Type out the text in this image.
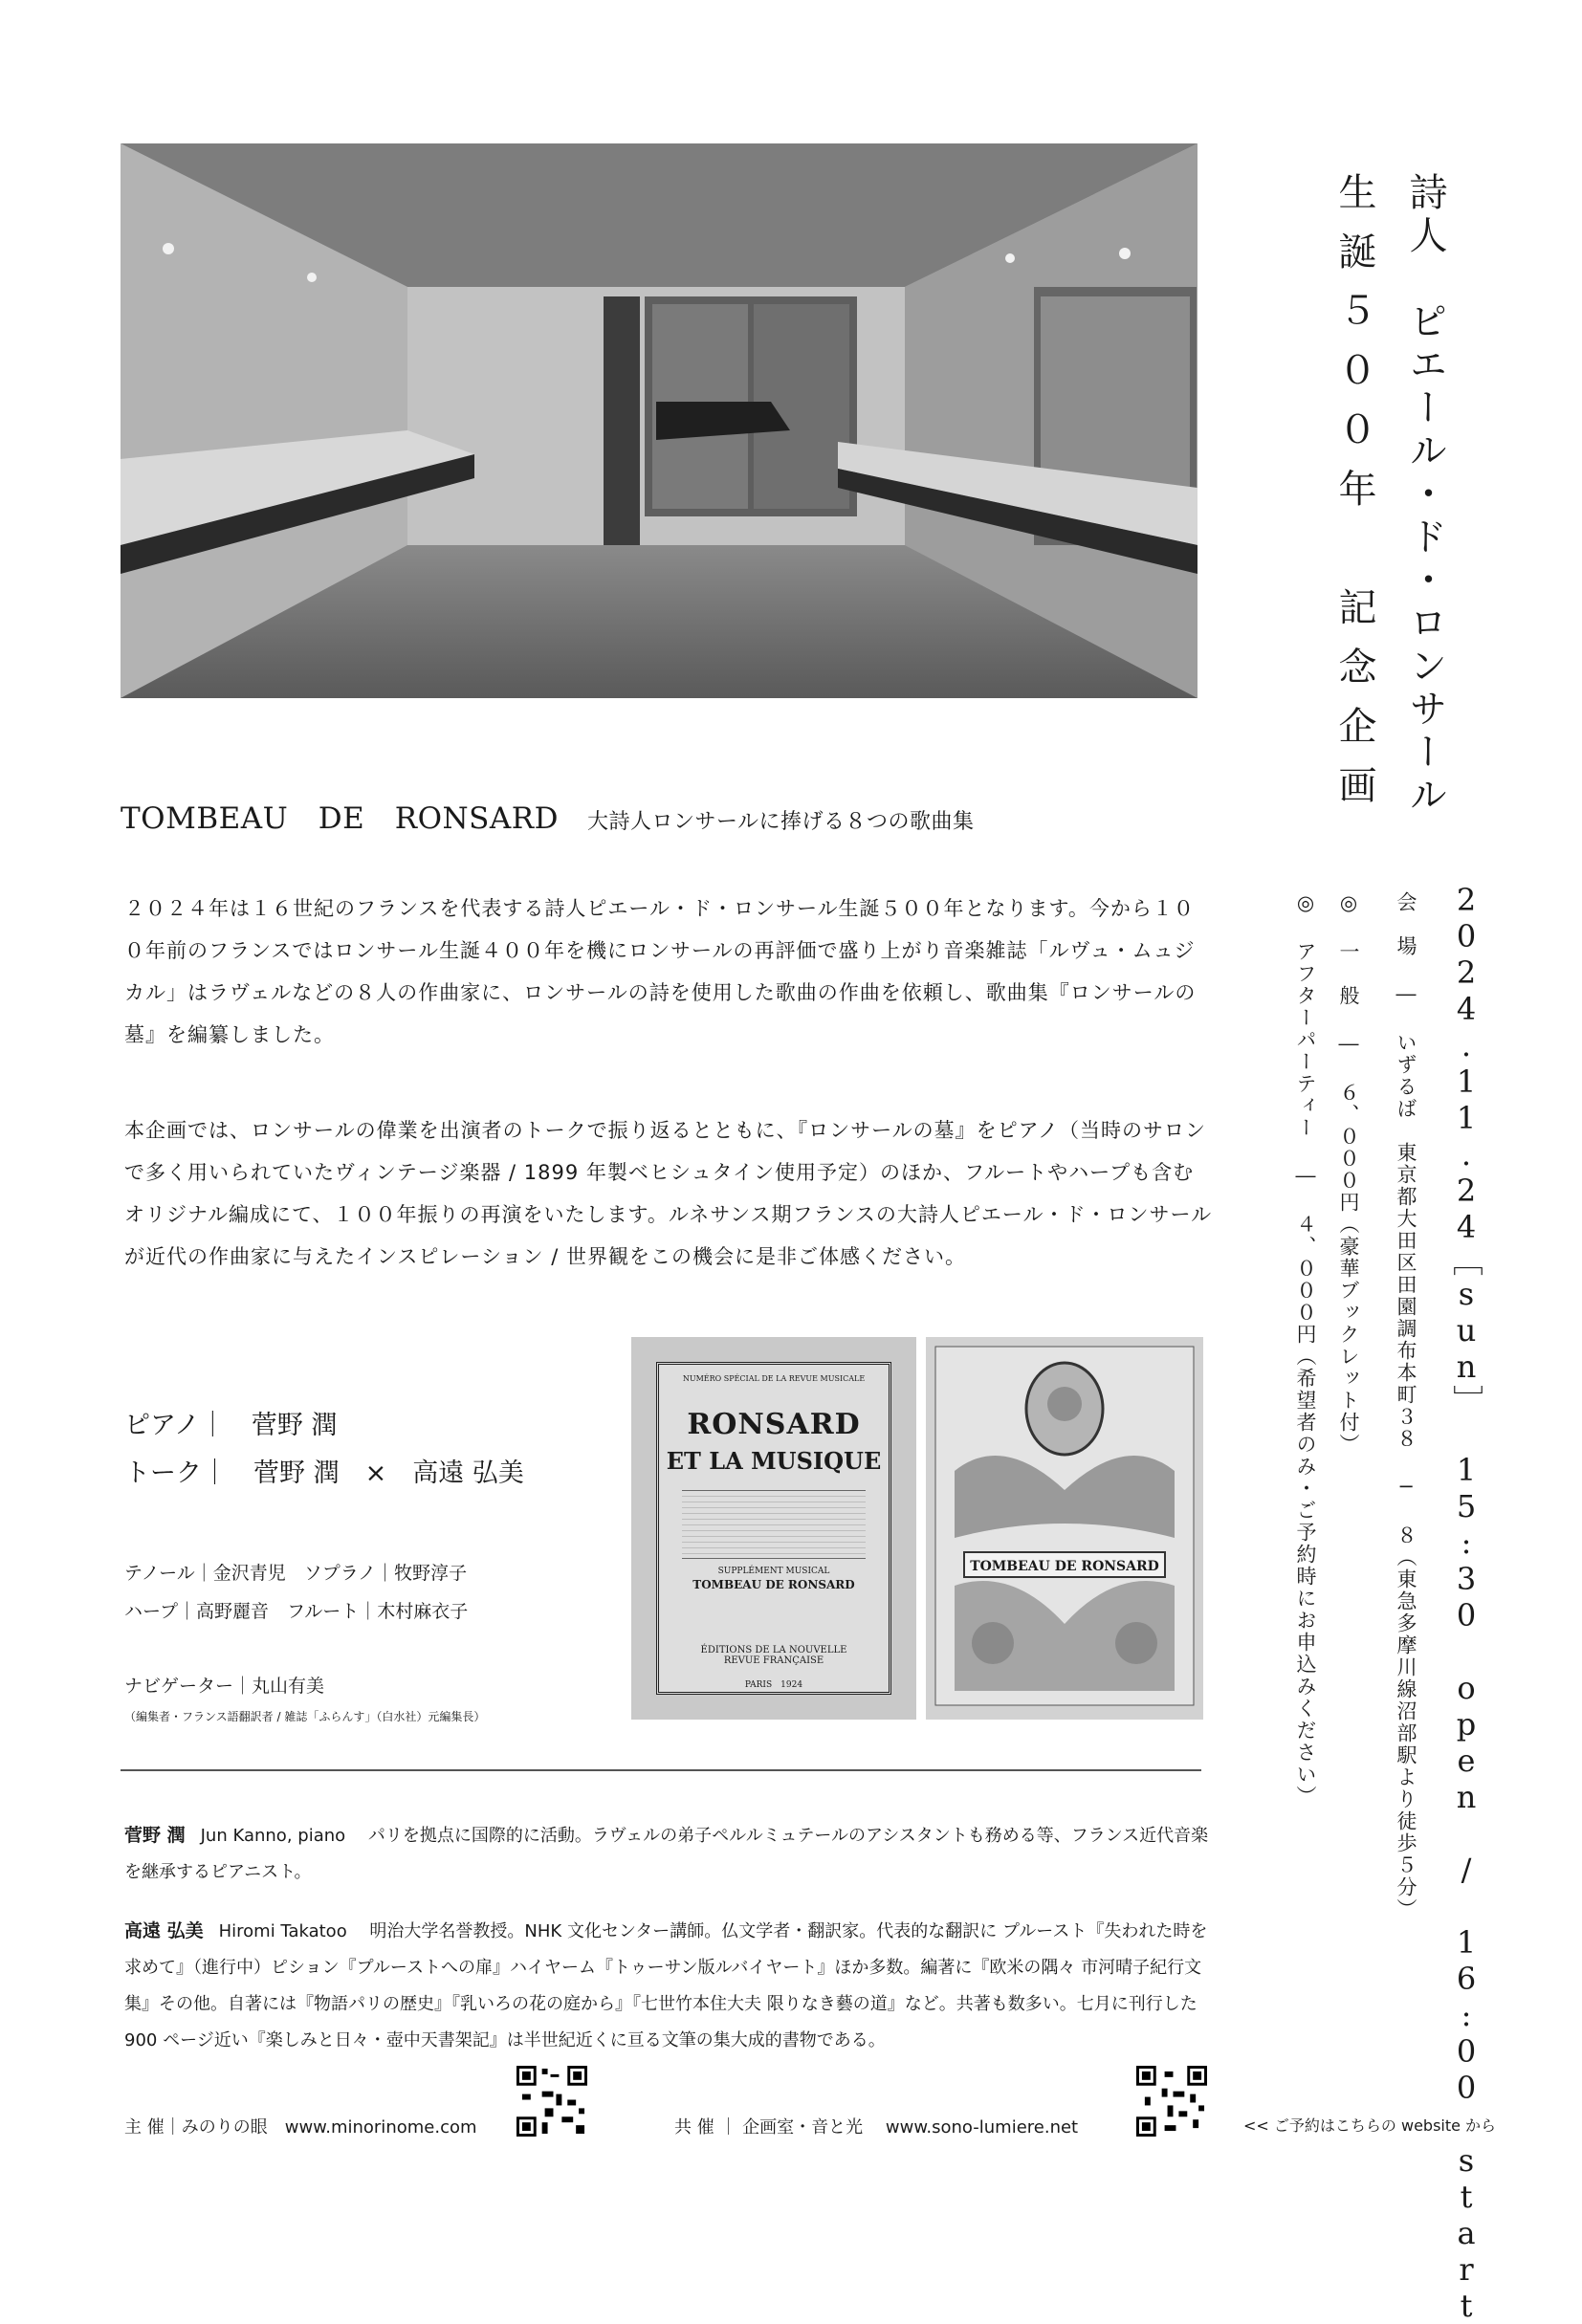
詩人　ピエール・ド・ロンサール
生誕５００年　記念企画
2024.11.24［sun］ 15:30 open / 16:00 start
会　場 ― いずるば　東京都大田区田園調布本町３８ − ８（東急多摩川線沼部駅より徒歩５分）
◎ 一　般 ― ６、０００円（豪華ブックレット付）
◎ アフターパーティー ― ４、０００円（希望者のみ・ご予約時にお申込みください）
TOMBEAU　DE　RONSARD 大詩人ロンサールに捧げる８つの歌曲集
２０２４年は１６世紀のフランスを代表する詩人ピエール・ド・ロンサール生誕５００年となります。今から１００年前のフランスではロンサール生誕４００年を機にロンサールの再評価で盛り上がり音楽雑誌「ルヴュ・ムュジカル」はラヴェルなどの８人の作曲家に、ロンサールの詩を使用した歌曲の作曲を依頼し、歌曲集『ロンサールの墓』を編纂しました。
本企画では、ロンサールの偉業を出演者のトークで振り返るとともに、『ロンサールの墓』をピアノ（当時のサロンで多く用いられていたヴィンテージ楽器 / 1899 年製ベヒシュタイン使用予定）のほか、フルートやハープも含むオリジナル編成にて、１００年振りの再演をいたします。ルネサンス期フランスの大詩人ピエール・ド・ロンサールが近代の作曲家に与えたインスピレーション / 世界観をこの機会に是非ご体感ください。
ピアノ｜　菅野 潤
トーク｜　菅野 潤　×　高遠 弘美
テノール｜金沢青児　ソプラノ｜牧野淳子
ハープ｜高野麗音　フルート｜木村麻衣子
ナビゲーター｜丸山有美
（編集者・フランス語翻訳者 / 雑誌「ふらんす」（白水社）元編集長）
NUMÉRO SPÉCIAL DE LA REVUE MUSICALE
RONSARD
ET LA MUSIQUE
SUPPLÉMENT MUSICAL
TOMBEAU DE RONSARD
ÉDITIONS DE LA NOUVELLE REVUE FRANÇAISE
PARIS　 1924
TOMBEAU DE RONSARD
菅野 潤 Jun Kanno, piano　 パリを拠点に国際的に活動。ラヴェルの弟子ペルルミュテールのアシスタントも務める等、フランス近代音楽を継承するピアニスト。
高遠 弘美 Hiromi Takatoo　 明治大学名誉教授。NHK 文化センター講師。仏文学者・翻訳家。代表的な翻訳に プルースト『失われた時を求めて』（進行中）ピション『プルーストへの扉』ハイヤーム『トゥーサン版ルバイヤート』ほか多数。編著に『欧米の隅々 市河晴子紀行文集』その他。自著には『物語パリの歴史』『乳いろの花の庭から』『七世竹本住大夫 限りなき藝の道』など。共著も数多い。七月に刊行した 900 ページ近い『楽しみと日々・壺中天書架記』は半世紀近くに亘る文筆の集大成的書物である。
主 催｜みのりの眼　www.minorinome.com	共 催 ｜ 企画室・音と光　 www.sono-lumiere.net	<< ご予約はこちらの website から
